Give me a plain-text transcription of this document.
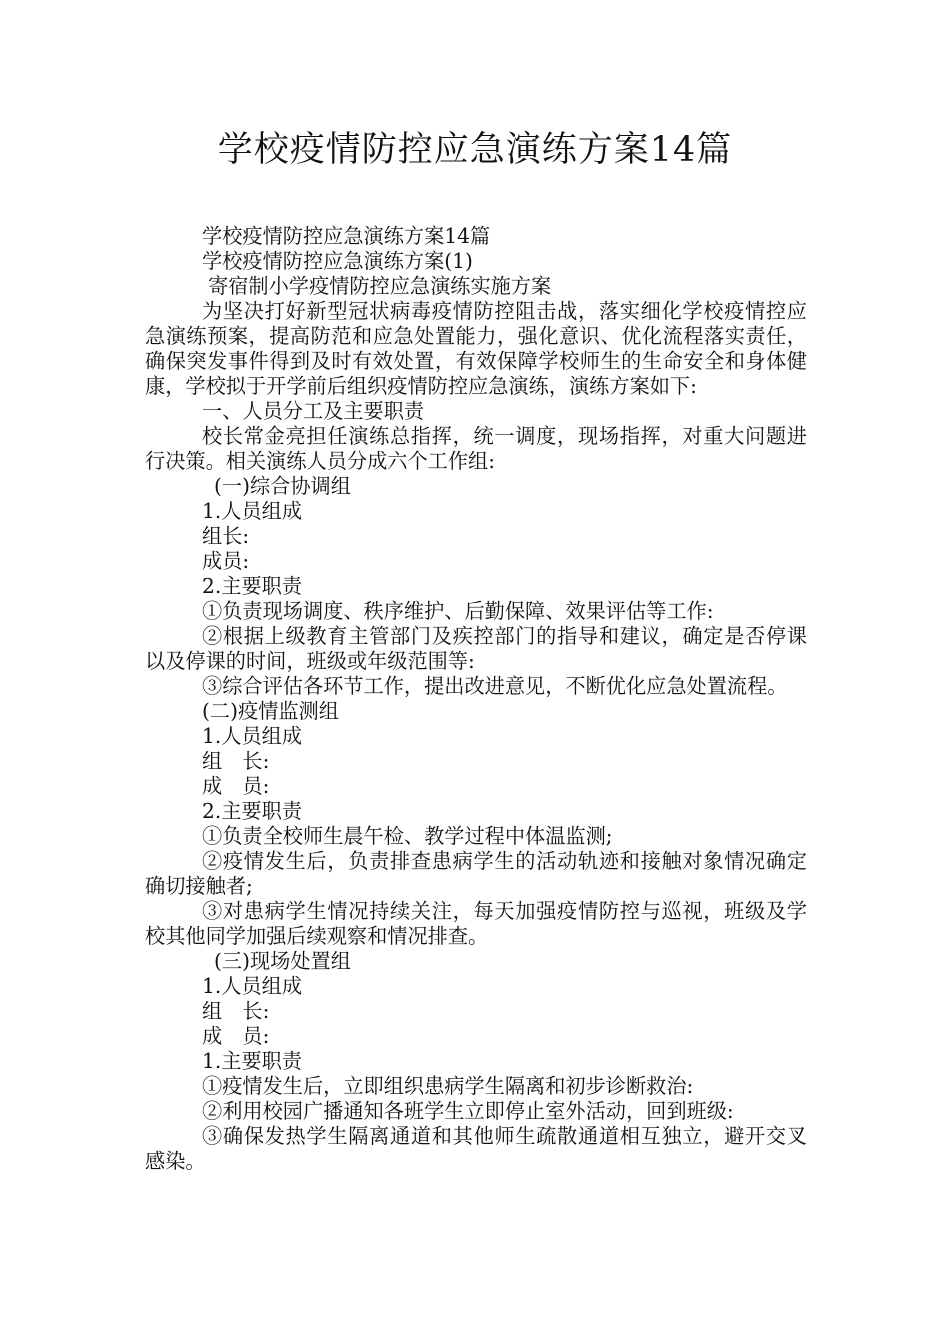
学校疫情防控应急演练方案14篇

学校疫情防控应急演练方案14篇

学校疫情防控应急演练方案(1)

寄宿制小学疫情防控应急演练实施方案

为坚决打好新型冠状病毒疫情防控阻击战，落实细化学校疫情控应急演练预案，提高防范和应急处置能力，强化意识、优化流程落实责任，确保突发事件得到及时有效处置，有效保障学校师生的生命安全和身体健康，学校拟于开学前后组织疫情防控应急演练，演练方案如下:

一、人员分工及主要职责

校长常金亮担任演练总指挥，统一调度，现场指挥，对重大问题进行决策。相关演练人员分成六个工作组:

(一)综合协调组

1.人员组成

组长:

成员:

2.主要职责

①负责现场调度、秩序维护、后勤保障、效果评估等工作:

②根据上级教育主管部门及疾控部门的指导和建议，确定是否停课以及停课的时间，班级或年级范围等:

③综合评估各环节工作，提出改进意见，不断优化应急处置流程。

(二)疫情监测组

1.人员组成

组　长:

成　员:

2.主要职责

①负责全校师生晨午检、教学过程中体温监测;

②疫情发生后，负责排查患病学生的活动轨迹和接触对象情况确定确切接触者;

③对患病学生情况持续关注，每天加强疫情防控与巡视，班级及学校其他同学加强后续观察和情况排查。

(三)现场处置组

1.人员组成

组　长:

成　员:

1.主要职责

①疫情发生后，立即组织患病学生隔离和初步诊断救治:

②利用校园广播通知各班学生立即停止室外活动，回到班级:

③确保发热学生隔离通道和其他师生疏散通道相互独立，避开交叉感染。
